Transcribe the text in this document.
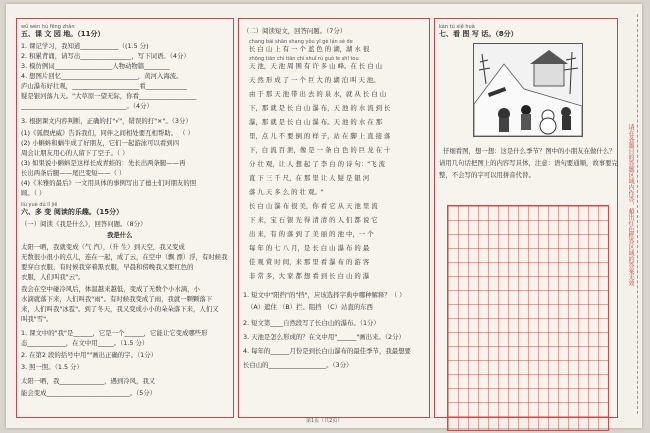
wǔ wén hú fēng zhǎn
五、课 文 园 地。（11分）
1. 课记学习，我知道____________（(1.5 分)
2. 积累背诵，请写出________________，写下词语。（4分）
3. 模仿例词__________________人物动物篇________
4. 想图片回忆________________________，黄河入海流。
庐山瀑布好壮观，_____________________看_____________
疑是银河落九天。"大草原一望无际，你看__________________
_________________________________。（4分）
3. 根据课文内容判断，正确的打"√"，错误的打"×"。（3分）
(1)《狐假虎威》告诉我们，同伴之间相处要互相帮助。 （ ）
(2) 小蝌蚪和蜗牛成了好朋友，它们一起游泳可以看到四
周会让朋友用心的人留下了空子。（ ）
(3) 如果说小蝌蚪是这样长成青蛙的：先长出两条腿——再
长出两条后腿——尾巴变短——（ ）
(4)《米雅的最后》一文用具体的事例写出了德士们对朋友的照
顾。（ ）
liù yuè dú lǐ jiě
六、多 变 阅读的乐趣。（15分）
（一）阅读《我是什么》，回答问题。（8分）
我是什么
太阳一晒，我就变成（气 汽），（升 生）到天空，我又变成
无数很小很小的点儿，连在一起，成了云，在空中（飘 漂）浮，有时候我
要穿白衣服，有时候我穿着黑衣服，早晨和傍晚我又要红色的
衣服，人们叫我"云"。
我会在空中碰冷风后，体温越来越低，变成了无数个小水滴，小
水滴就落下来，人们叫我"雨"。有时候我变成了雨，我就一颗颗落下
来，人们叫我"冰雹"。到了冬天，我又变成小小的朵朵落下来，人们又
叫我"雪"。
1. 课文中的"我"是______，它是一个______，它能让它变成哪些形
态____________，在文中用_____。（1.5 分）
2. 在第2 段的括号中用""画出正确的字。（1分）
3. 照一照。（1.5 分）
太阳一晒，我______________，遇到冷风，我又
能会变成__________________________。（5分）
（二）阅读短文，回答问题。（7分）
chang bái shān shang yǒu yī gè lán sè de
长 白 山 上 有 一 个 蓝 色 的 湖，湖 水 很
zhōng tiān chí tiān chí shuǐ rú guò le shī tou
天 池，天 池 周 围 有 许 多 山 峰。在 长 白 山
天 然 形 成 了 一 个 巨 大 的 湖 泊 叫 天 池。
由 于 那 天 池 带 出 去 的 泉 水，就 从 长 白 山
下，那 就 是 长 白 山 瀑 布，天 池 的 水 流 到 长
瀑，那 就 是 长 白 山 瀑 布。天 池 的 水 在 那
里，点 儿 不 要 倒 的 样 子，站 在 脚 上 直 接 落
下，白 流 百 泄，像 是 一 条 白 色 的 巨 龙 在 十
分 壮 观，让 人 想 起 了 李 白 的 诗 句："飞 流
直 下 三 千 尺，在 那 里 让 人 疑 是 银 河
落 九 天 多 么 的 壮 观。"
长 白 山 瀑 布 很 美，你 看 它 从 天 池 里 流
下 来，宝 石 银 光 得 清 清 的 人 们 都 说 它
出 来，有 的 落 到 了 美 丽 的 池 中，一 个
每 年 的 七 八 月，是 长 白 山 瀑 布 的 最
佳 观 赏 时 间，来 那 里 看 瀑 布 的 游 客
非 常 多，大 家 都 想 看 到 长 白 山 的 瀑
1. 短文中"阳挡"的"挡"，应该选择字典中哪种解释？（ ）
（A）遮住 （B）拦、阻挡 （C）站直的东西
2. 短文第____自然段写了长白山的瀑布。（1分）
3. 天池是怎么形成的？在文中用"______"画出来。（2分）
4. 每年的______月份是到长白山瀑布的最佳季节，我最想要
长白山的__________________。（3分）
kàn tú xiě huà
七、看 图 写 话。（8分）
仔细看图，想一想：这是什么季节？图中的小朋友在做什么？
请用几句话把图上的内容写具体，注意：语句要通顺，故事要完
整，不会写的字可以用拼音代替。	请在各题目的答题区域内作答，超出红色框答区域的答案无效
第1页（共2页）
